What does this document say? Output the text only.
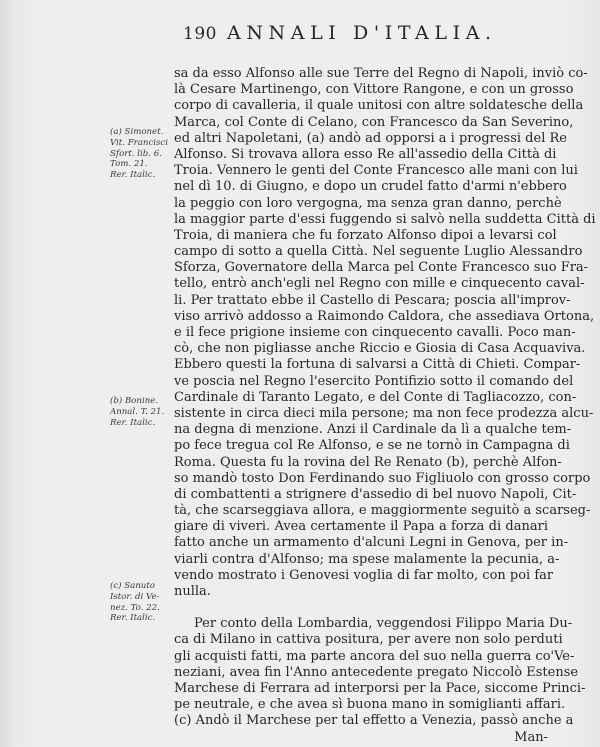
190 ANNALI D'ITALIA.
(a) Simonet.
Vit. Francisci
Sfort. lib. 6.
Tom. 21.
Rer. Italic.
(b) Bonine.
Annal. T. 21.
Rer. Italic.
(c) Sanuto
Istor. di Ve-
nez. To. 22.
Rer. Italic.
sa da esso Alfonso alle sue Terre del Regno di Napoli, inviò co-
là Cesare Martinengo, con Vittore Rangone, e con un grosso
corpo di cavalleria, il quale unitosi con altre soldatesche della
Marca, col Conte di Celano, con Francesco da San Severino,
ed altri Napoletani, (a) andò ad opporsi a i progressi del Re
Alfonso. Si trovava allora esso Re all'assedio della Città di
Troia. Vennero le genti del Conte Francesco alle mani con lui
nel dì 10. di Giugno, e dopo un crudel fatto d'armi n'ebbero
la peggio con loro vergogna, ma senza gran danno, perchè
la maggior parte d'essi fuggendo si salvò nella suddetta Città di
Troia, di maniera che fu forzato Alfonso dipoi a levarsi col
campo di sotto a quella Città. Nel seguente Luglio Alessandro
Sforza, Governatore della Marca pel Conte Francesco suo Fra-
tello, entrò anch'egli nel Regno con mille e cinquecento caval-
li. Per trattato ebbe il Castello di Pescara; poscia all'improv-
viso arrivò addosso a Raimondo Caldora, che assediava Ortona,
e il fece prigione insieme con cinquecento cavalli. Poco man-
cò, che non pigliasse anche Riccio e Giosia di Casa Acquaviva.
Ebbero questi la fortuna di salvarsi a Città di Chieti. Compar-
ve poscia nel Regno l'esercito Pontifizio sotto il comando del
Cardinale di Taranto Legato, e del Conte di Tagliacozzo, con-
sistente in circa dieci mila persone; ma non fece prodezza alcu-
na degna di menzione. Anzi il Cardinale da lì a qualche tem-
po fece tregua col Re Alfonso, e se ne tornò in Campagna di
Roma. Questa fu la rovina del Re Renato (b), perchè Alfon-
so mandò tosto Don Ferdinando suo Figliuolo con grosso corpo
di combattenti a strignere d'assedio di bel nuovo Napoli, Cit-
tà, che scarseggiava allora, e maggiormente seguitò a scarseg-
giare di viveri. Avea certamente il Papa a forza di danari
fatto anche un armamento d'alcuni Legni in Genova, per in-
viarli contra d'Alfonso; ma spese malamente la pecunia, a-
vendo mostrato i Genovesi voglia di far molto, con poi far
nulla.
Per conto della Lombardia, veggendosi Filippo Maria Du-
ca di Milano in cattiva positura, per avere non solo perduti
gli acquisti fatti, ma parte ancora del suo nella guerra co'Ve-
neziani, avea fin l'Anno antecedente pregato Niccolò Estense
Marchese di Ferrara ad interporsi per la Pace, siccome Princi-
pe neutrale, e che avea sì buona mano in somiglianti affari.
(c) Andò il Marchese per tal effetto a Venezia, passò anche a
Man-
